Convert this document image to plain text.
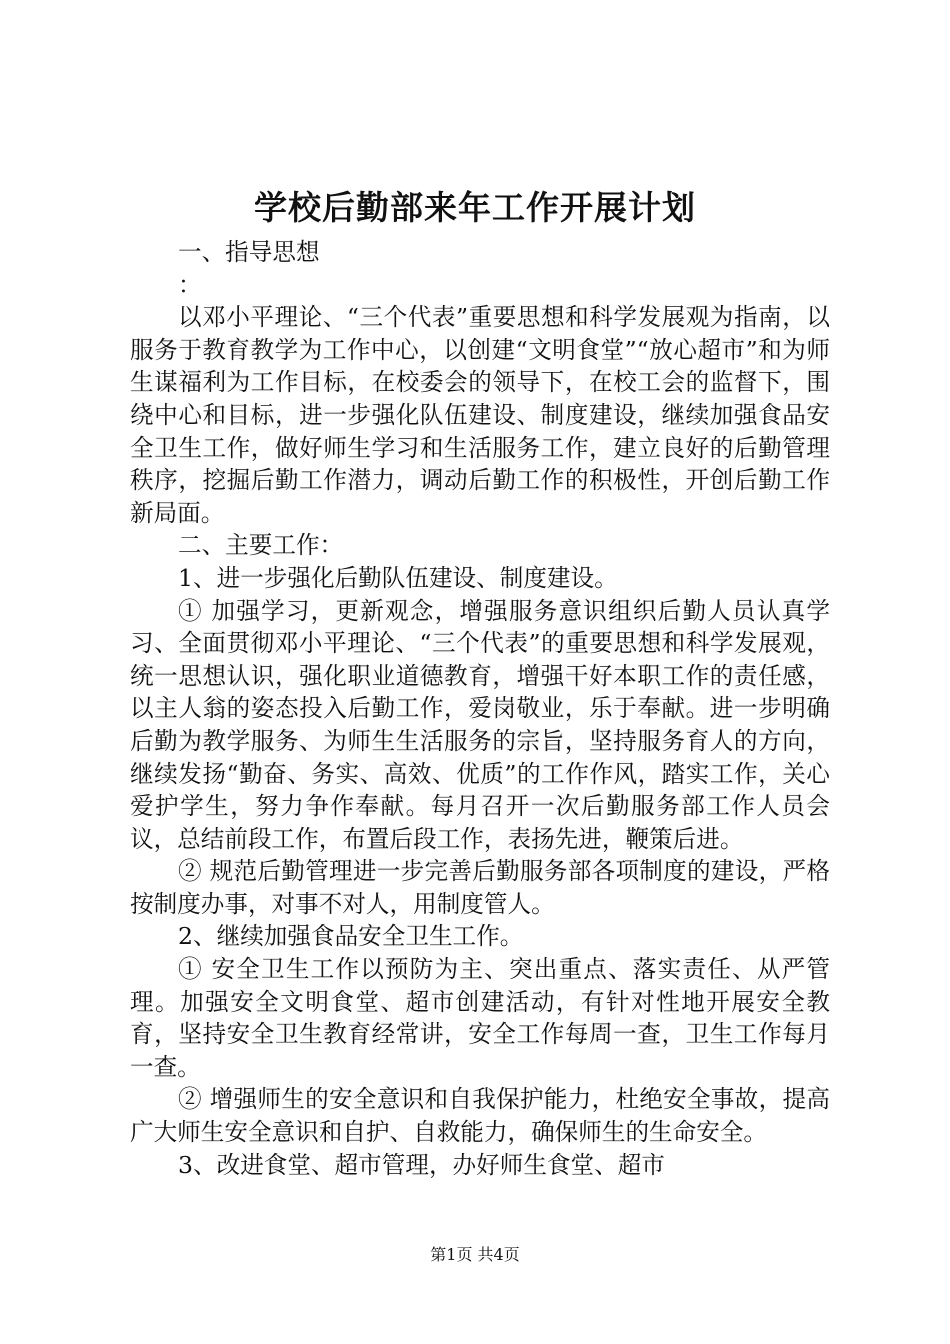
学校后勤部来年工作开展计划

一、指导思想

：

以邓小平理论、“三个代表”重要思想和科学发展观为指南，以服务于教育教学为工作中心，以创建“文明食堂”“放心超市”和为师生谋福利为工作目标，在校委会的领导下，在校工会的监督下，围绕中心和目标，进一步强化队伍建设、制度建设，继续加强食品安全卫生工作，做好师生学习和生活服务工作，建立良好的后勤管理秩序，挖掘后勤工作潜力，调动后勤工作的积极性，开创后勤工作新局面。

二、主要工作：

1、进一步强化后勤队伍建设、制度建设。

① 加强学习，更新观念，增强服务意识组织后勤人员认真学习、全面贯彻邓小平理论、“三个代表”的重要思想和科学发展观，统一思想认识，强化职业道德教育，增强干好本职工作的责任感，以主人翁的姿态投入后勤工作，爱岗敬业，乐于奉献。进一步明确后勤为教学服务、为师生生活服务的宗旨，坚持服务育人的方向，继续发扬“勤奋、务实、高效、优质”的工作作风，踏实工作，关心爱护学生，努力争作奉献。每月召开一次后勤服务部工作人员会议，总结前段工作，布置后段工作，表扬先进，鞭策后进。

② 规范后勤管理进一步完善后勤服务部各项制度的建设，严格按制度办事，对事不对人，用制度管人。

2、继续加强食品安全卫生工作。

① 安全卫生工作以预防为主、突出重点、落实责任、从严管理。加强安全文明食堂、超市创建活动，有针对性地开展安全教育，坚持安全卫生教育经常讲，安全工作每周一查，卫生工作每月一查。

② 增强师生的安全意识和自我保护能力，杜绝安全事故，提高广大师生安全意识和自护、自救能力，确保师生的生命安全。

3、改进食堂、超市管理，办好师生食堂、超市

第1页 共4页
